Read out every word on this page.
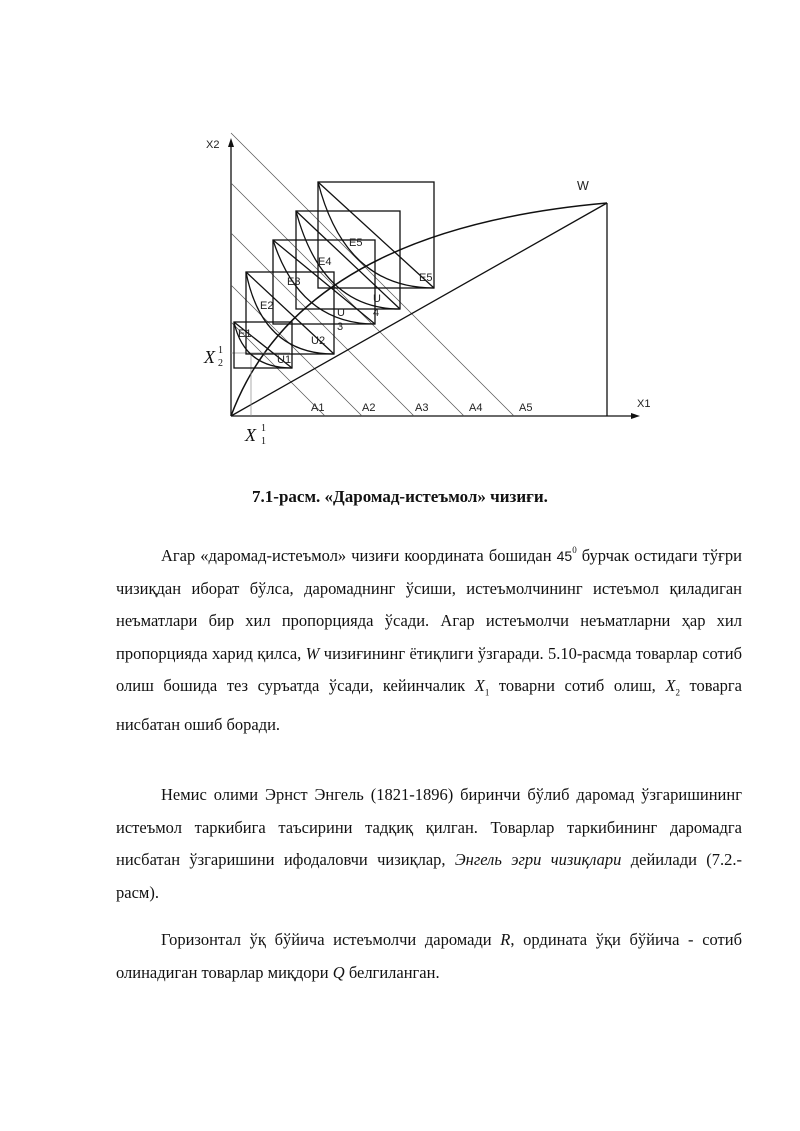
X2
X1
W
A1	A2	A3	A4	A5
E1
E2
E3
E4
E5
E5
U1
U2
U
3
U
4
X 1
2
X 1
1
7.1-расм. «Даромад-истеъмол» чизиғи.

Агар «даромад-истеъмол» чизиғи координата бошидан $45^0$ бурчак остидаги тўғри чизиқдан иборат бўлса, даромаднинг ўсиши, истеъмолчининг истеъмол қиладиган неъматлари бир хил пропорцияда ўсади. Агар истеъмолчи неъматларни ҳар хил пропорцияда харид қилса, W чизиғининг ётиқлиги ўзгаради. 5.10-расмда товарлар сотиб олиш бошида тез суръатда ўсади, кейинчалик $X_1$ товарни сотиб олиш, $X_2$ товарга нисбатан ошиб боради.

Немис олими Эрнст Энгель (1821-1896) биринчи бўлиб даромад ўзгаришининг истеъмол таркибига таъсирини тадқиқ қилган. Товарлар таркибининг даромадга нисбатан ўзгаришини ифодаловчи чизиқлар, Энгель эгри чизиқлари дейилади (7.2.-расм).

Горизонтал ўқ бўйича истеъмолчи даромади R, ордината ўқи бўйича - сотиб олинадиган товарлар миқдори Q белгиланган.
